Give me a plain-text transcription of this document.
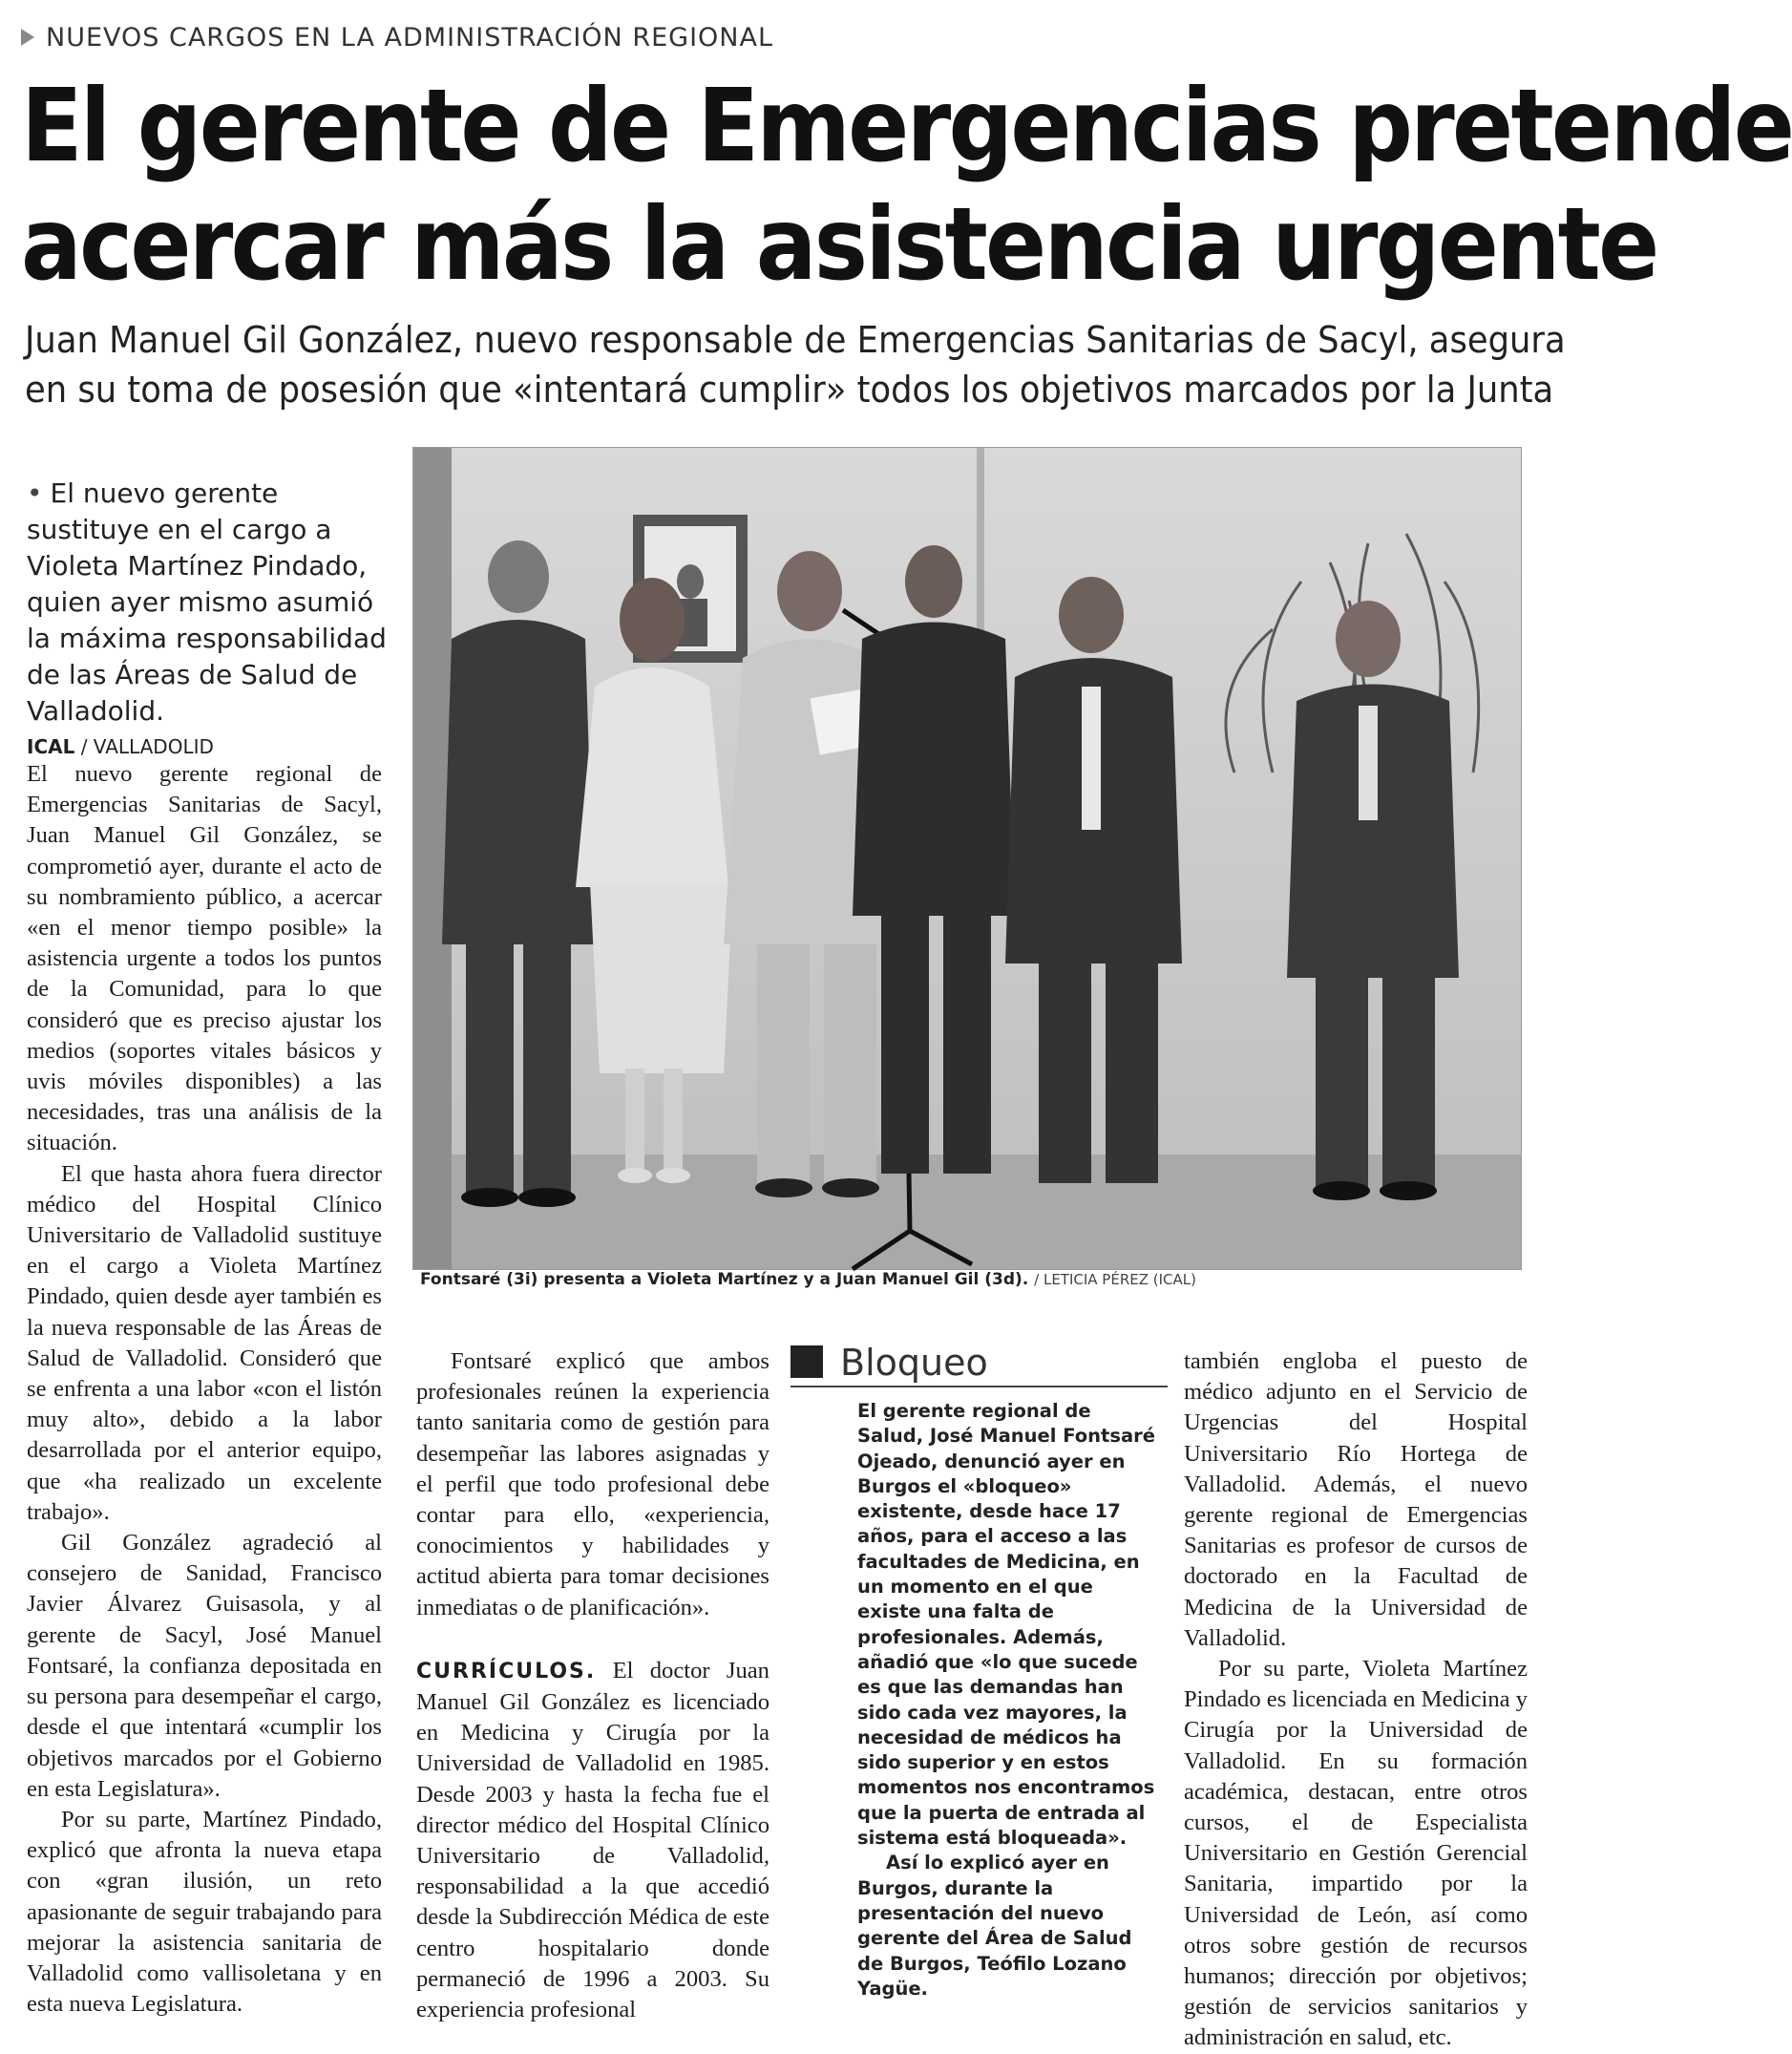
NUEVOS CARGOS EN LA ADMINISTRACIÓN REGIONAL
El gerente de Emergencias pretende
acercar más la asistencia urgente
Juan Manuel Gil González, nuevo responsable de Emergencias Sanitarias de Sacyl, asegura
en su toma de posesión que «intentará cumplir» todos los objetivos marcados por la Junta
• El nuevo gerente sustituye en el cargo a Violeta Martínez Pindado, quien ayer mismo asumió la máxima responsabilidad de las Áreas de Salud de Valladolid.
Fontsaré (3i) presenta a Violeta Martínez y a Juan Manuel Gil (3d). / LETICIA PÉREZ (ICAL)
ICAL / VALLADOLID

El nuevo gerente regional de Emergencias Sanitarias de Sacyl, Juan Manuel Gil González, se comprometió ayer, durante el acto de su nombramiento público, a acercar «en el menor tiempo posible» la asistencia urgente a todos los puntos de la Comunidad, para lo que consideró que es preciso ajustar los medios (soportes vitales básicos y uvis móviles disponibles) a las necesidades, tras una análisis de la situación.

El que hasta ahora fuera director médico del Hospital Clínico Universitario de Valladolid sustituye en el cargo a Violeta Martínez Pindado, quien desde ayer también es la nueva responsable de las Áreas de Salud de Valladolid. Consideró que se enfrenta a una labor «con el listón muy alto», debido a la labor desarrollada por el anterior equipo, que «ha realizado un excelente trabajo».

Gil González agradeció al consejero de Sanidad, Francisco Javier Álvarez Guisasola, y al gerente de Sacyl, José Manuel Fontsaré, la confianza depositada en su persona para desempeñar el cargo, desde el que intentará «cumplir los objetivos marcados por el Gobierno en esta Legislatura».

Por su parte, Martínez Pindado, explicó que afronta la nueva etapa con «gran ilusión, un reto apasionante de seguir trabajando para mejorar la asistencia sanitaria de Valladolid como vallisoletana y en esta nueva Legislatura.

Fontsaré explicó que ambos profesionales reúnen la experiencia tanto sanitaria como de gestión para desempeñar las labores asignadas y el perfil que todo profesional debe contar para ello, «experiencia, conocimientos y habilidades y actitud abierta para tomar decisiones inmediatas o de planificación».

CURRÍCULOS. El doctor Juan Manuel Gil González es licenciado en Medicina y Cirugía por la Universidad de Valladolid en 1985. Desde 2003 y hasta la fecha fue el director médico del Hospital Clínico Universitario de Valladolid, responsabilidad a la que accedió desde la Subdirección Médica de este centro hospitalario donde permaneció de 1996 a 2003. Su experiencia profesional

Bloqueo

El gerente regional de Salud, José Manuel Fontsaré Ojeado, denunció ayer en Burgos el «bloqueo» existente, desde hace 17 años, para el acceso a las facultades de Medicina, en un momento en el que existe una falta de profesionales. Además, añadió que «lo que sucede es que las demandas han sido cada vez mayores, la necesidad de médicos ha sido superior y en estos momentos nos encontramos que la puerta de entrada al sistema está bloqueada».

Así lo explicó ayer en Burgos, durante la presentación del nuevo gerente del Área de Salud de Burgos, Teófilo Lozano Yagüe.

también engloba el puesto de médico adjunto en el Servicio de Urgencias del Hospital Universitario Río Hortega de Valladolid. Además, el nuevo gerente regional de Emergencias Sanitarias es profesor de cursos de doctorado en la Facultad de Medicina de la Universidad de Valladolid.

Por su parte, Violeta Martínez Pindado es licenciada en Medicina y Cirugía por la Universidad de Valladolid. En su formación académica, destacan, entre otros cursos, el de Especialista Universitario en Gestión Gerencial Sanitaria, impartido por la Universidad de León, así como otros sobre gestión de recursos humanos; dirección por objetivos; gestión de servicios sanitarios y administración en salud, etc.
